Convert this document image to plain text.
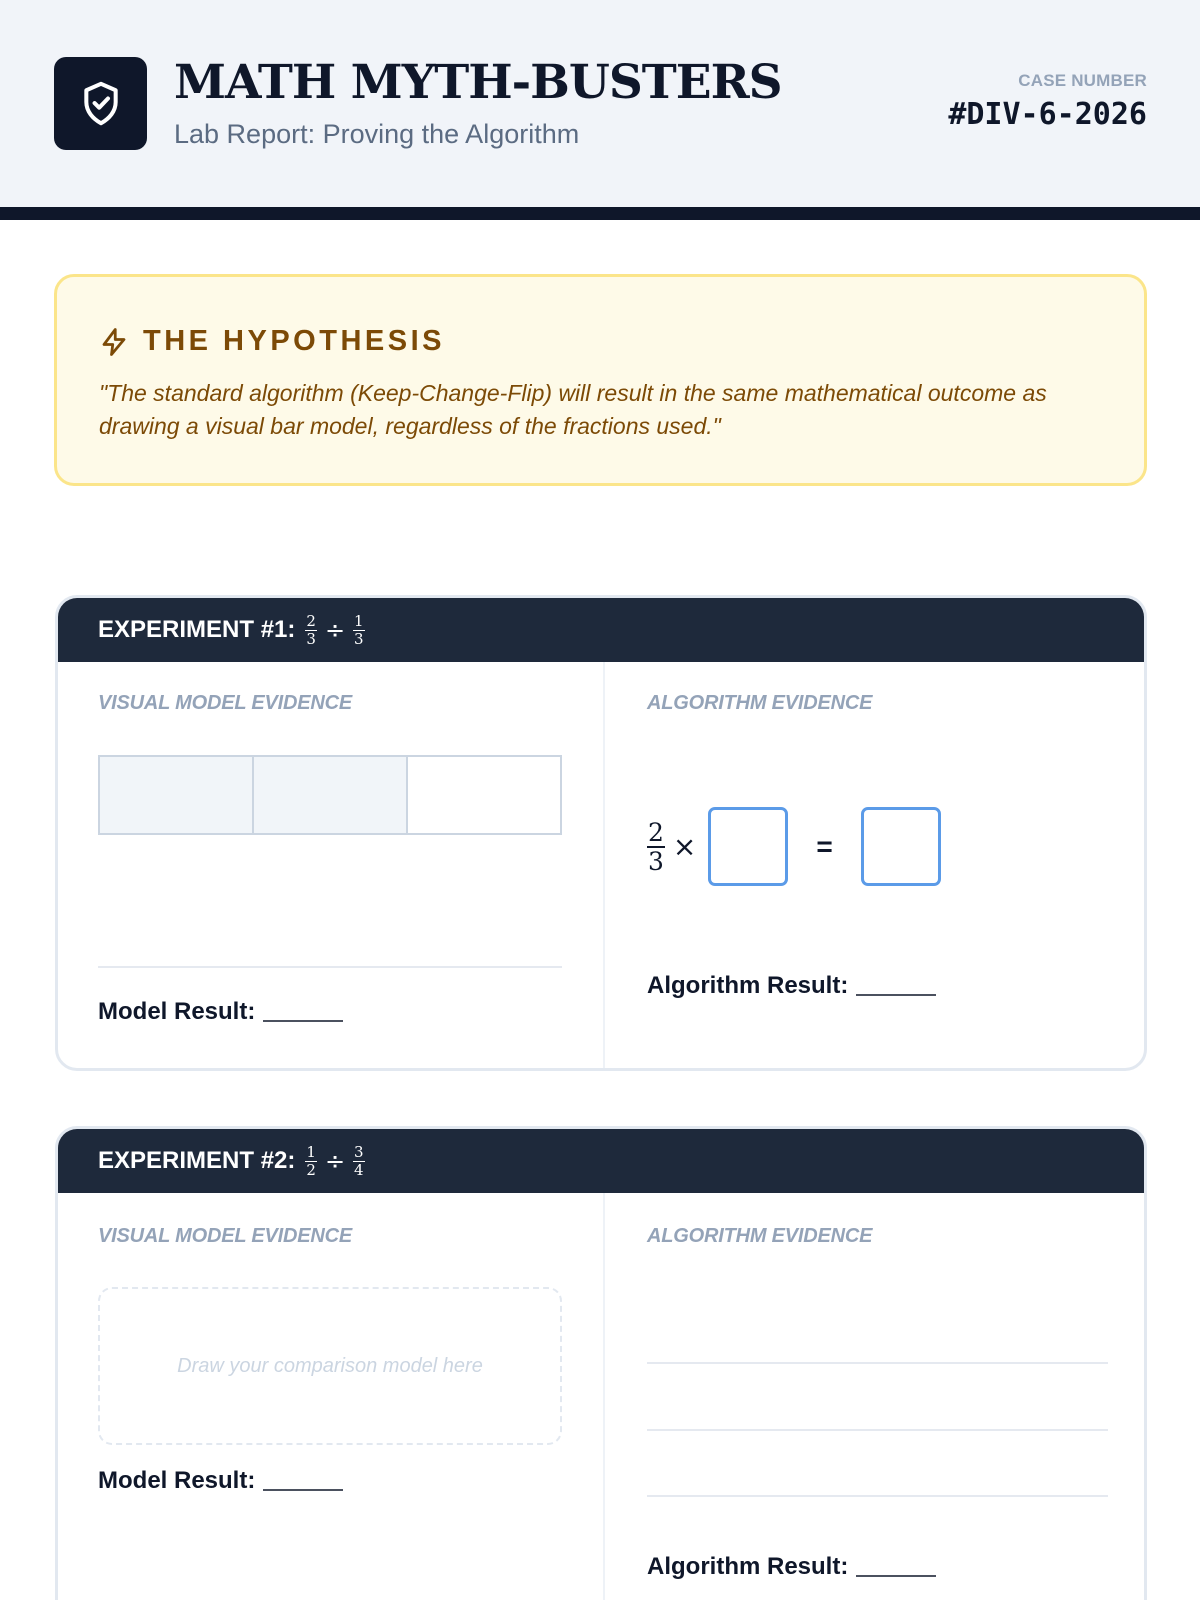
MATH MYTH-BUSTERS
Lab Report: Proving the Algorithm
CASE NUMBER
#DIV-6-2026
THE HYPOTHESIS
"The standard algorithm (Keep-Change-Flip) will result in the same mathematical outcome as drawing a visual bar model, regardless of the fractions used."
EXPERIMENT #1: $\frac{2}{3} \div \frac{1}{3}$
VISUAL MODEL EVIDENCE
Model Result:
ALGORITHM EVIDENCE
$\frac{2}{3}$ ×	=
Algorithm Result:
EXPERIMENT #2: $\frac{1}{2} \div \frac{3}{4}$
VISUAL MODEL EVIDENCE
Draw your comparison model here
Model Result:
ALGORITHM EVIDENCE
Algorithm Result:
